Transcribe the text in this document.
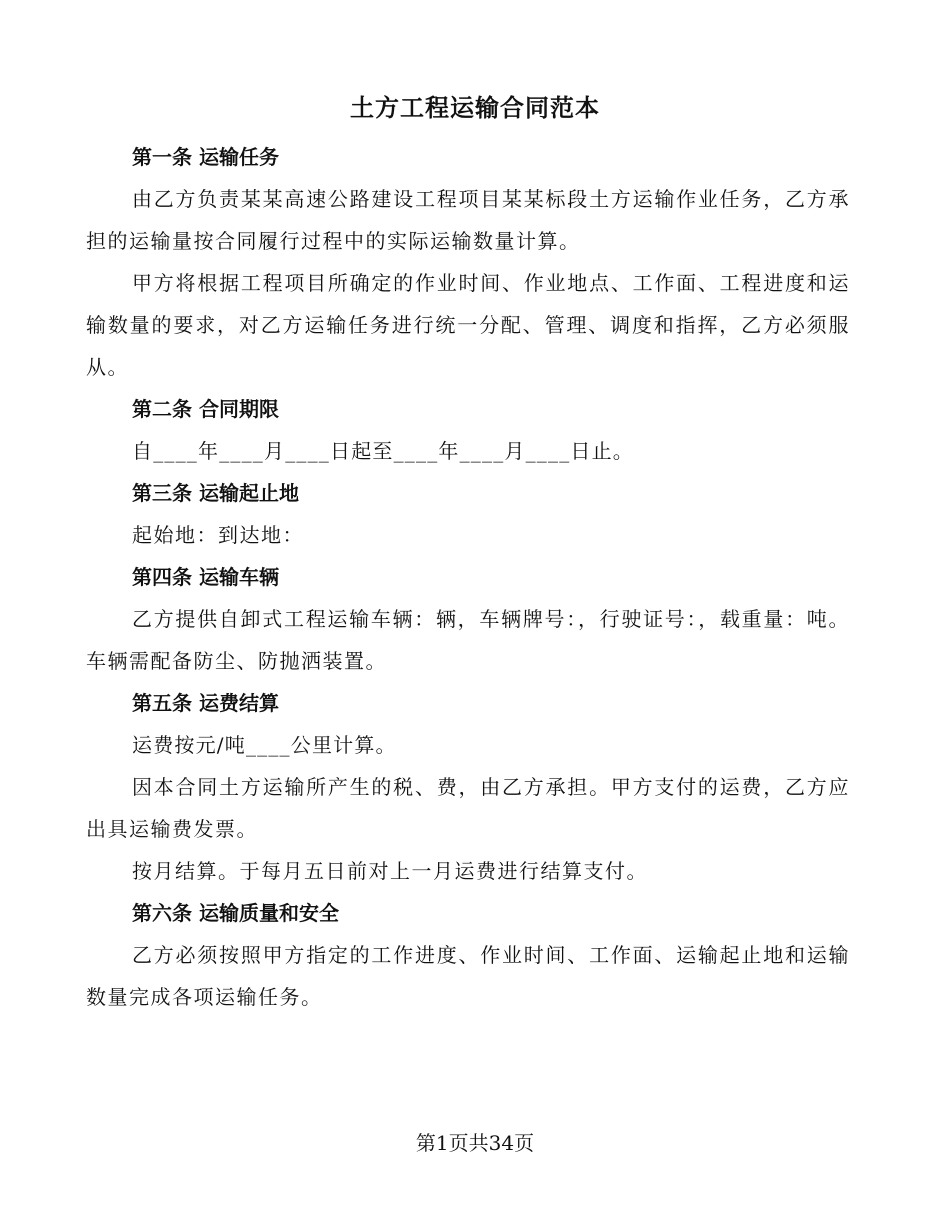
土方工程运输合同范本
第一条 运输任务

由乙方负责某某高速公路建设工程项目某某标段土方运输作业任务，乙方承担的运输量按合同履行过程中的实际运输数量计算。

甲方将根据工程项目所确定的作业时间、作业地点、工作面、工程进度和运输数量的要求，对乙方运输任务进行统一分配、管理、调度和指挥，乙方必须服从。

第二条 合同期限

自____年____月____日起至____年____月____日止。

第三条 运输起止地

起始地：到达地：

第四条 运输车辆

乙方提供自卸式工程运输车辆：辆，车辆牌号：，行驶证号：，载重量：吨。车辆需配备防尘、防抛洒装置。

第五条 运费结算

运费按元/吨____公里计算。

因本合同土方运输所产生的税、费，由乙方承担。甲方支付的运费，乙方应出具运输费发票。

按月结算。于每月五日前对上一月运费进行结算支付。

第六条 运输质量和安全

乙方必须按照甲方指定的工作进度、作业时间、工作面、运输起止地和运输数量完成各项运输任务。

第1页共34页
